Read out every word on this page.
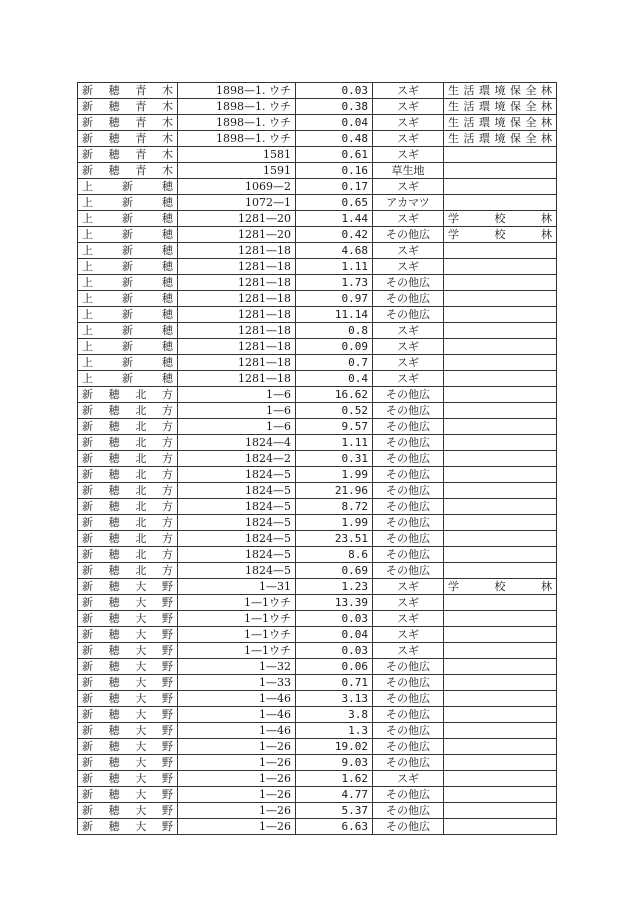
新穂青木	1898—1. ウチ	0.03	スギ	生活環境保全林
新穂青木	1898—1. ウチ	0.38	スギ	生活環境保全林
新穂青木	1898—1. ウチ	0.04	スギ	生活環境保全林
新穂青木	1898—1. ウチ	0.48	スギ	生活環境保全林
新穂青木	1581	0.61	スギ	
新穂青木	1591	0.16	草生地	
上新穂	1069—2	0.17	スギ	
上新穂	1072—1	0.65	アカマツ	
上新穂	1281—20	1.44	スギ	学校林
上新穂	1281—20	0.42	その他広	学校林
上新穂	1281—18	4.68	スギ	
上新穂	1281—18	1.11	スギ	
上新穂	1281—18	1.73	その他広	
上新穂	1281—18	0.97	その他広	
上新穂	1281—18	11.14	その他広	
上新穂	1281—18	0.8	スギ	
上新穂	1281—18	0.09	スギ	
上新穂	1281—18	0.7	スギ	
上新穂	1281—18	0.4	スギ	
新穂北方	1—6	16.62	その他広	
新穂北方	1—6	0.52	その他広	
新穂北方	1—6	9.57	その他広	
新穂北方	1824—4	1.11	その他広	
新穂北方	1824—2	0.31	その他広	
新穂北方	1824—5	1.99	その他広	
新穂北方	1824—5	21.96	その他広	
新穂北方	1824—5	8.72	その他広	
新穂北方	1824—5	1.99	その他広	
新穂北方	1824—5	23.51	その他広	
新穂北方	1824—5	8.6	その他広	
新穂北方	1824—5	0.69	その他広	
新穂大野	1—31	1.23	スギ	学校林
新穂大野	1—1ウチ	13.39	スギ	
新穂大野	1—1ウチ	0.03	スギ	
新穂大野	1—1ウチ	0.04	スギ	
新穂大野	1—1ウチ	0.03	スギ	
新穂大野	1—32	0.06	その他広	
新穂大野	1—33	0.71	その他広	
新穂大野	1—46	3.13	その他広	
新穂大野	1—46	3.8	その他広	
新穂大野	1—46	1.3	その他広	
新穂大野	1—26	19.02	その他広	
新穂大野	1—26	9.03	その他広	
新穂大野	1—26	1.62	スギ	
新穂大野	1—26	4.77	その他広	
新穂大野	1—26	5.37	その他広	
新穂大野	1—26	6.63	その他広	
